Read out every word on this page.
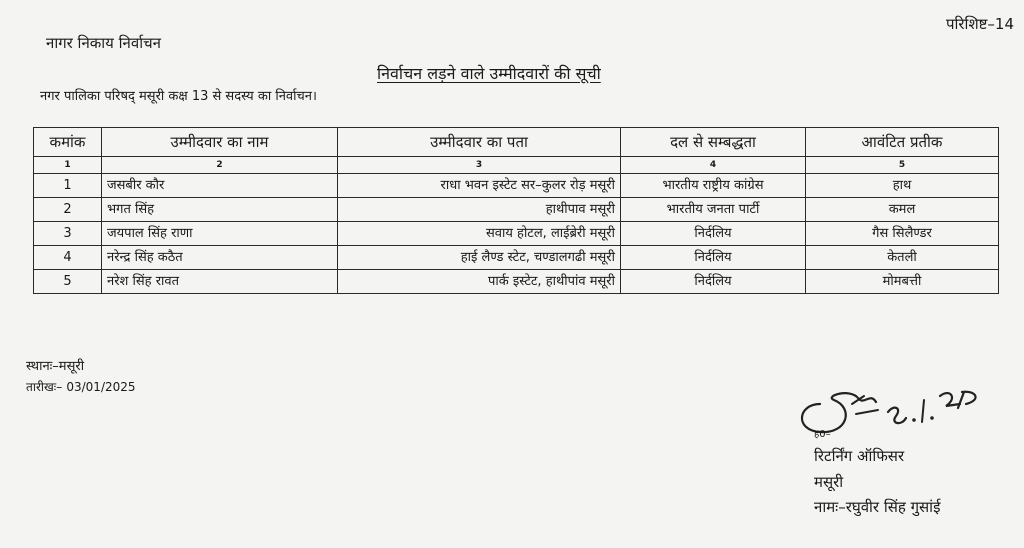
परिशिष्ट–14
नागर निकाय निर्वाचन
निर्वाचन लड़ने वाले उम्मीदवारों की सूची
नगर पालिका परिषद् मसूरी कक्ष 13 से सदस्य का निर्वाचन।
कमांक	उम्मीदवार का नाम	उम्मीदवार का पता	दल से सम्बद्धता	आवंटित प्रतीक
1	2	3	4	5
1	जसबीर कौर	राधा भवन इस्टेट सर–कुलर रोड़ मसूरी	भारतीय राष्ट्रीय कांग्रेस	हाथ
2	भगत सिंह	हाथीपाव मसूरी	भारतीय जनता पार्टी	कमल
3	जयपाल सिंह राणा	सवाय होटल, लाईब्रेरी मसूरी	निर्दलिय	गैस सिलैण्डर
4	नरेन्द्र सिंह कठैत	हाई लैण्ड स्टेट, चण्डालगढी मसूरी	निर्दलिय	केतली
5	नरेश सिंह रावत	पार्क इस्टेट, हाथीपांव मसूरी	निर्दलिय	मोमबत्ती
स्थानः–मसूरी
तारीखः– 03/01/2025
ह0–
रिटर्निंग ऑफिसर
मसूरी
नामः–रघुवीर सिंह गुसांई
